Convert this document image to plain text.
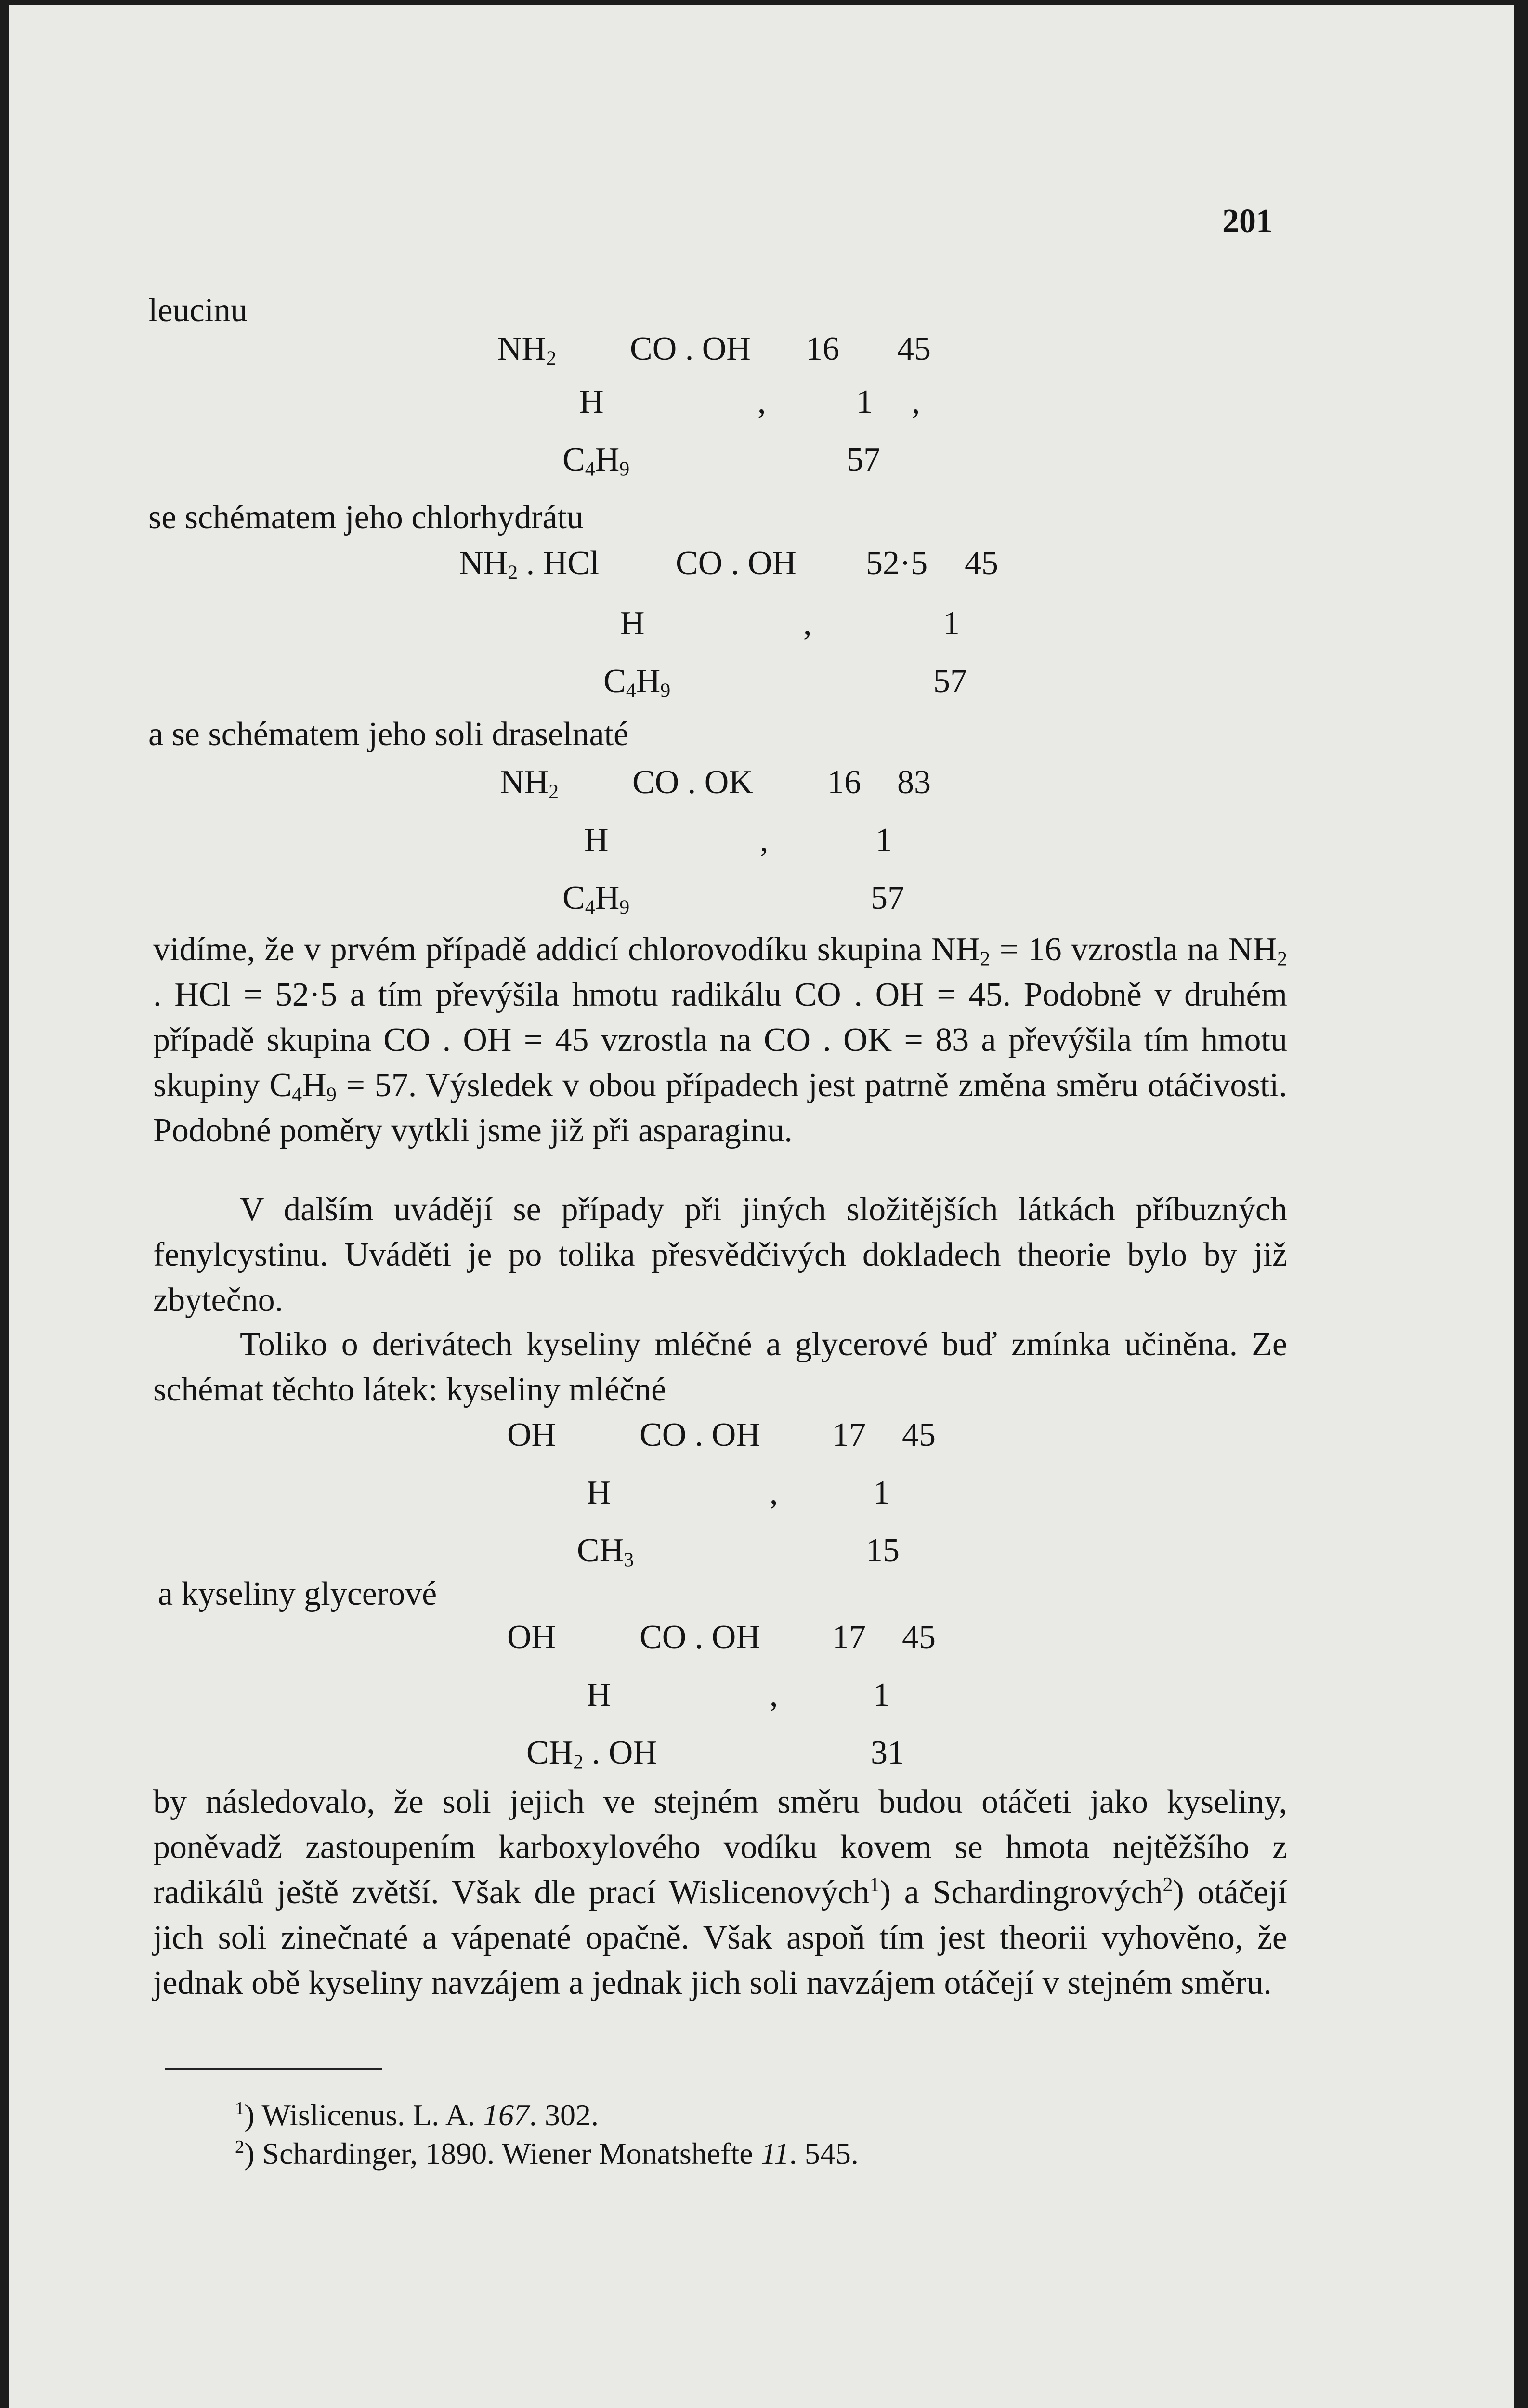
201
leucinu
$NH_2$ CO . OH 16 45
H	,	1 ,
$C_4H_9$	57
se schématem jeho chlorhydrátu
$NH_2$ . HCl CO . OH 52·5 45
H	,	1
$C_4H_9$	57
a se schématem jeho soli draselnaté
$NH_2$ CO . OK 16 83
H	,	1
$C_4H_9$	57
vidíme, že v prvém případě addicí chlorovodíku skupina $NH_2 = 16$ vzrostla na $NH_2$ . HCl = 52·5 a tím převýšila hmotu radikálu CO . OH = 45. Podobně v druhém případě skupina CO . OH = 45 vzrostla na CO . OK = 83 a převýšila tím hmotu skupiny $C_4H_9 = 57$. Výsledek v obou případech jest patrně změna směru otáčivosti. Podobné poměry vytkli jsme již při asparaginu.
V dalším uvádějí se případy při jiných složitějších látkách příbuzných fenylcystinu. Uváděti je po tolika přesvědčivých dokladech theorie bylo by již zbytečno.
Toliko o derivátech kyseliny mléčné a glycerové buď zmínka učiněna. Ze schémat těchto látek: kyseliny mléčné
OH CO . OH 17 45
H	,	1
$CH_3$	15
a kyseliny glycerové
OH CO . OH 17 45
H	,	1
$CH_2$ . OH	31
by následovalo, že soli jejich ve stejném směru budou otáčeti jako kyseliny, poněvadž zastoupením karboxylového vodíku kovem se hmota nejtěžšího z radikálů ještě zvětší. Však dle prací Wislicenových$^1$) a Schardingrových$^2$) otáčejí jich soli zinečnaté a vápenaté opačně. Však aspoň tím jest theorii vyhověno, že jednak obě kyseliny navzájem a jednak jich soli navzájem otáčejí v stejném směru.
$^1$) Wislicenus. L. A. 167. 302.
$^2$) Schardinger, 1890. Wiener Monatshefte 11. 545.
